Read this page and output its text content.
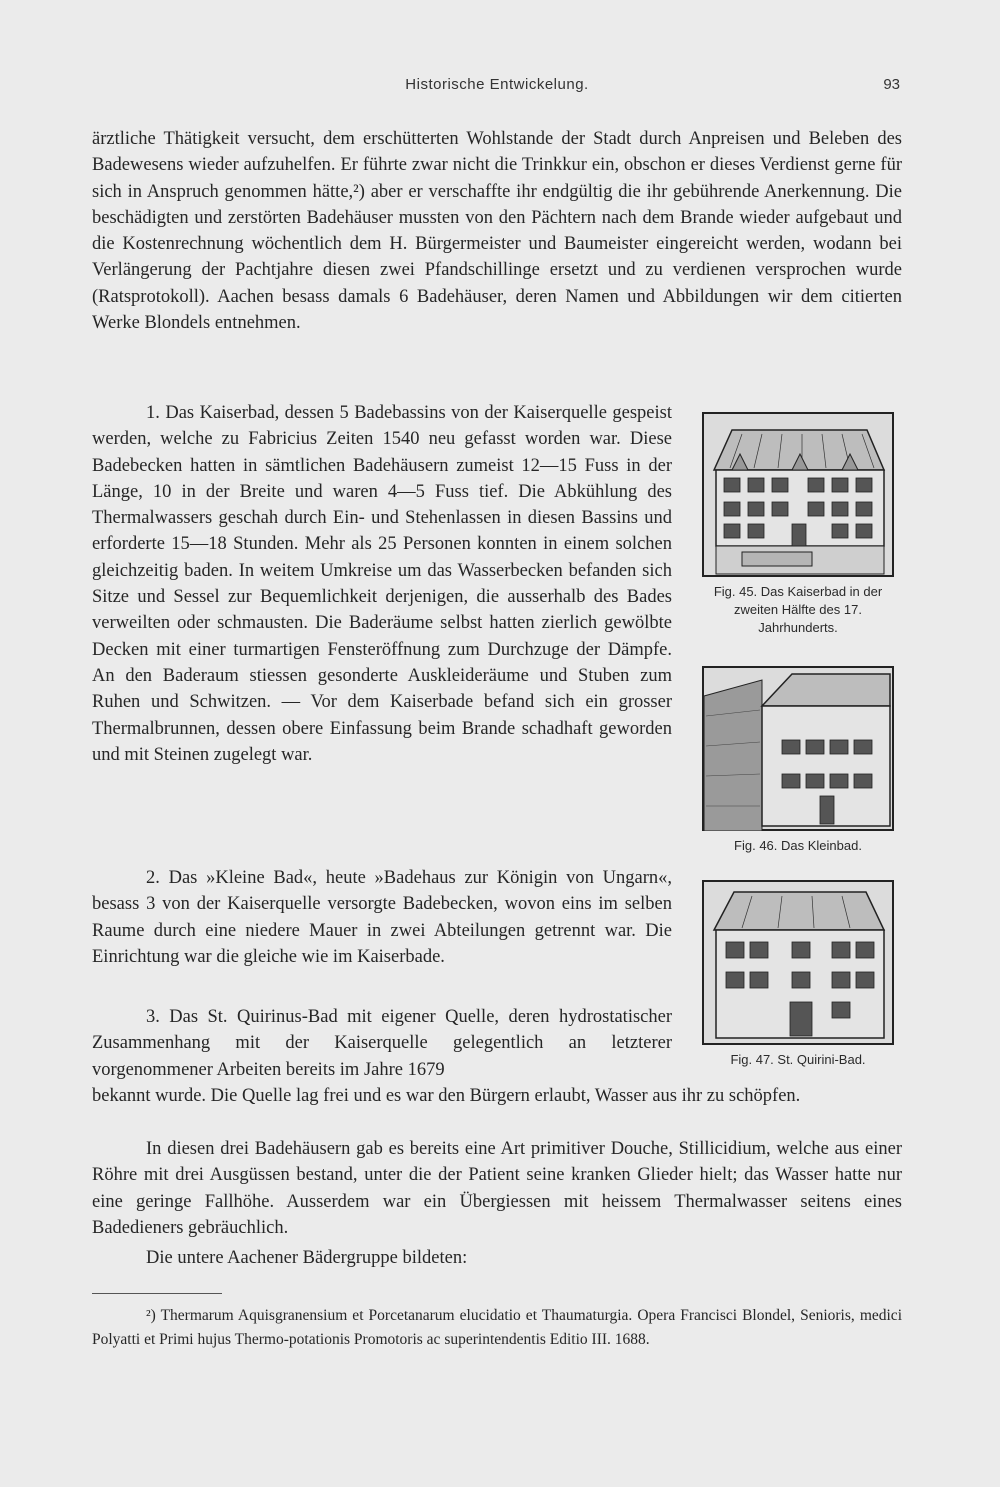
Historische Entwickelung.	93

ärztliche Thätigkeit versucht, dem erschütterten Wohlstande der Stadt durch Anpreisen und Beleben des Badewesens wieder aufzuhelfen. Er führte zwar nicht die Trinkkur ein, obschon er dieses Verdienst gerne für sich in Anspruch genommen hätte,²) aber er verschaffte ihr endgültig die ihr gebührende Anerkennung. Die beschädigten und zerstörten Badehäuser mussten von den Pächtern nach dem Brande wieder aufgebaut und die Kostenrechnung wöchentlich dem H. Bürgermeister und Baumeister eingereicht werden, wodann bei Verlängerung der Pachtjahre diesen zwei Pfandschillinge ersetzt und zu verdienen versprochen wurde (Ratsprotokoll). Aachen besass damals 6 Badehäuser, deren Namen und Abbildungen wir dem citierten Werke Blondels entnehmen.

1. Das Kaiserbad, dessen 5 Badebassins von der Kaiserquelle gespeist werden, welche zu Fabricius Zeiten 1540 neu gefasst worden war. Diese Badebecken hatten in sämtlichen Badehäusern zumeist 12—15 Fuss in der Länge, 10 in der Breite und waren 4—5 Fuss tief. Die Abkühlung des Thermalwassers geschah durch Ein- und Stehenlassen in diesen Bassins und erforderte 15—18 Stunden. Mehr als 25 Personen konnten in einem solchen gleichzeitig baden. In weitem Umkreise um das Wasserbecken befanden sich Sitze und Sessel zur Bequemlichkeit derjenigen, die ausserhalb des Bades verweilten oder schmausten. Die Baderäume selbst hatten zierlich gewölbte Decken mit einer turmartigen Fensteröffnung zum Durchzuge der Dämpfe. An den Baderaum stiessen gesonderte Auskleideräume und Stuben zum Ruhen und Schwitzen. — Vor dem Kaiserbade befand sich ein grosser Thermalbrunnen, dessen obere Einfassung beim Brande schadhaft geworden und mit Steinen zugelegt war.

2. Das »Kleine Bad«, heute »Badehaus zur Königin von Ungarn«, besass 3 von der Kaiserquelle versorgte Badebecken, wovon eins im selben Raume durch eine niedere Mauer in zwei Abteilungen getrennt war. Die Einrichtung war die gleiche wie im Kaiserbade.

3. Das St. Quirinus-Bad mit eigener Quelle, deren hydrostatischer Zusammenhang mit der Kaiserquelle gelegentlich an letzterer vorgenommener Arbeiten bereits im Jahre 1679

bekannt wurde. Die Quelle lag frei und es war den Bürgern erlaubt, Wasser aus ihr zu schöpfen.

In diesen drei Badehäusern gab es bereits eine Art primitiver Douche, Stillicidium, welche aus einer Röhre mit drei Ausgüssen bestand, unter die der Patient seine kranken Glieder hielt; das Wasser hatte nur eine geringe Fallhöhe. Ausserdem war ein Übergiessen mit heissem Thermalwasser seitens eines Badedieners gebräuchlich.

Die untere Aachener Bädergruppe bildeten:

Fig. 45. Das Kaiserbad in der zweiten Hälfte des 17. Jahrhunderts.
Fig. 46. Das Kleinbad.
Fig. 47. St. Quirini-Bad.

²) Thermarum Aquisgranensium et Porcetanarum elucidatio et Thaumaturgia. Opera Francisci Blondel, Senioris, medici Polyatti et Primi hujus Thermo-potationis Promotoris ac superintendentis Editio III. 1688.
